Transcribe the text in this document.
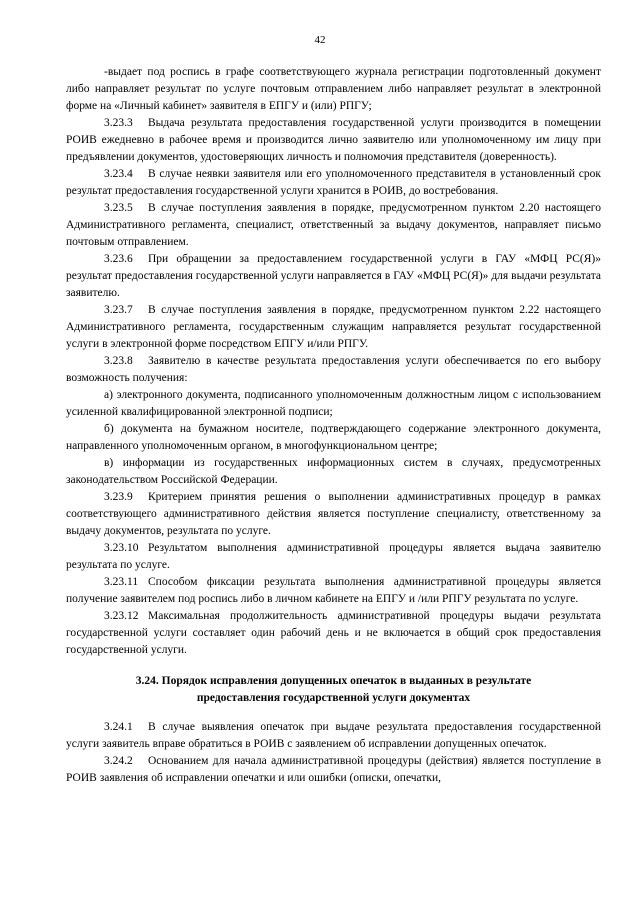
42

-выдает под роспись в графе соответствующего журнала регистрации подготовленный документ либо направляет результат по услуге почтовым отправлением либо направляет результат в электронной форме на «Личный кабинет» заявителя в ЕПГУ и (или) РПГУ;

3.23.3 Выдача результата предоставления государственной услуги производится в помещении РОИВ ежедневно в рабочее время и производится лично заявителю или уполномоченному им лицу при предъявлении документов, удостоверяющих личность и полномочия представителя (доверенность).

3.23.4 В случае неявки заявителя или его уполномоченного представителя в установленный срок результат предоставления государственной услуги хранится в РОИВ, до востребования.

3.23.5 В случае поступления заявления в порядке, предусмотренном пунктом 2.20 настоящего Административного регламента, специалист, ответственный за выдачу документов, направляет письмо почтовым отправлением.

3.23.6 При обращении за предоставлением государственной услуги в ГАУ «МФЦ РС(Я)» результат предоставления государственной услуги направляется в ГАУ «МФЦ РС(Я)» для выдачи результата заявителю.

3.23.7 В случае поступления заявления в порядке, предусмотренном пунктом 2.22 настоящего Административного регламента, государственным служащим направляется результат государственной услуги в электронной форме посредством ЕПГУ и/или РПГУ.

3.23.8 Заявителю в качестве результата предоставления услуги обеспечивается по его выбору возможность получения:

а) электронного документа, подписанного уполномоченным должностным лицом с использованием усиленной квалифицированной электронной подписи;

б) документа на бумажном носителе, подтверждающего содержание электронного документа, направленного уполномоченным органом, в многофункциональном центре;

в) информации из государственных информационных систем в случаях, предусмотренных законодательством Российской Федерации.

3.23.9 Критерием принятия решения о выполнении административных процедур в рамках соответствующего административного действия является поступление специалисту, ответственному за выдачу документов, результата по услуге.

3.23.10 Результатом выполнения административной процедуры является выдача заявителю результата по услуге.

3.23.11 Способом фиксации результата выполнения административной процедуры является получение заявителем под роспись либо в личном кабинете на ЕПГУ и /или РПГУ результата по услуге.

3.23.12 Максимальная продолжительность административной процедуры выдачи результата государственной услуги составляет один рабочий день и не включается в общий срок предоставления государственной услуги.

3.24. Порядок исправления допущенных опечаток в выданных в результате предоставления государственной услуги документах

3.24.1 В случае выявления опечаток при выдаче результата предоставления государственной услуги заявитель вправе обратиться в РОИВ с заявлением об исправлении допущенных опечаток.

3.24.2 Основанием для начала административной процедуры (действия) является поступление в РОИВ заявления об исправлении опечатки и или ошибки (описки, опечатки,
